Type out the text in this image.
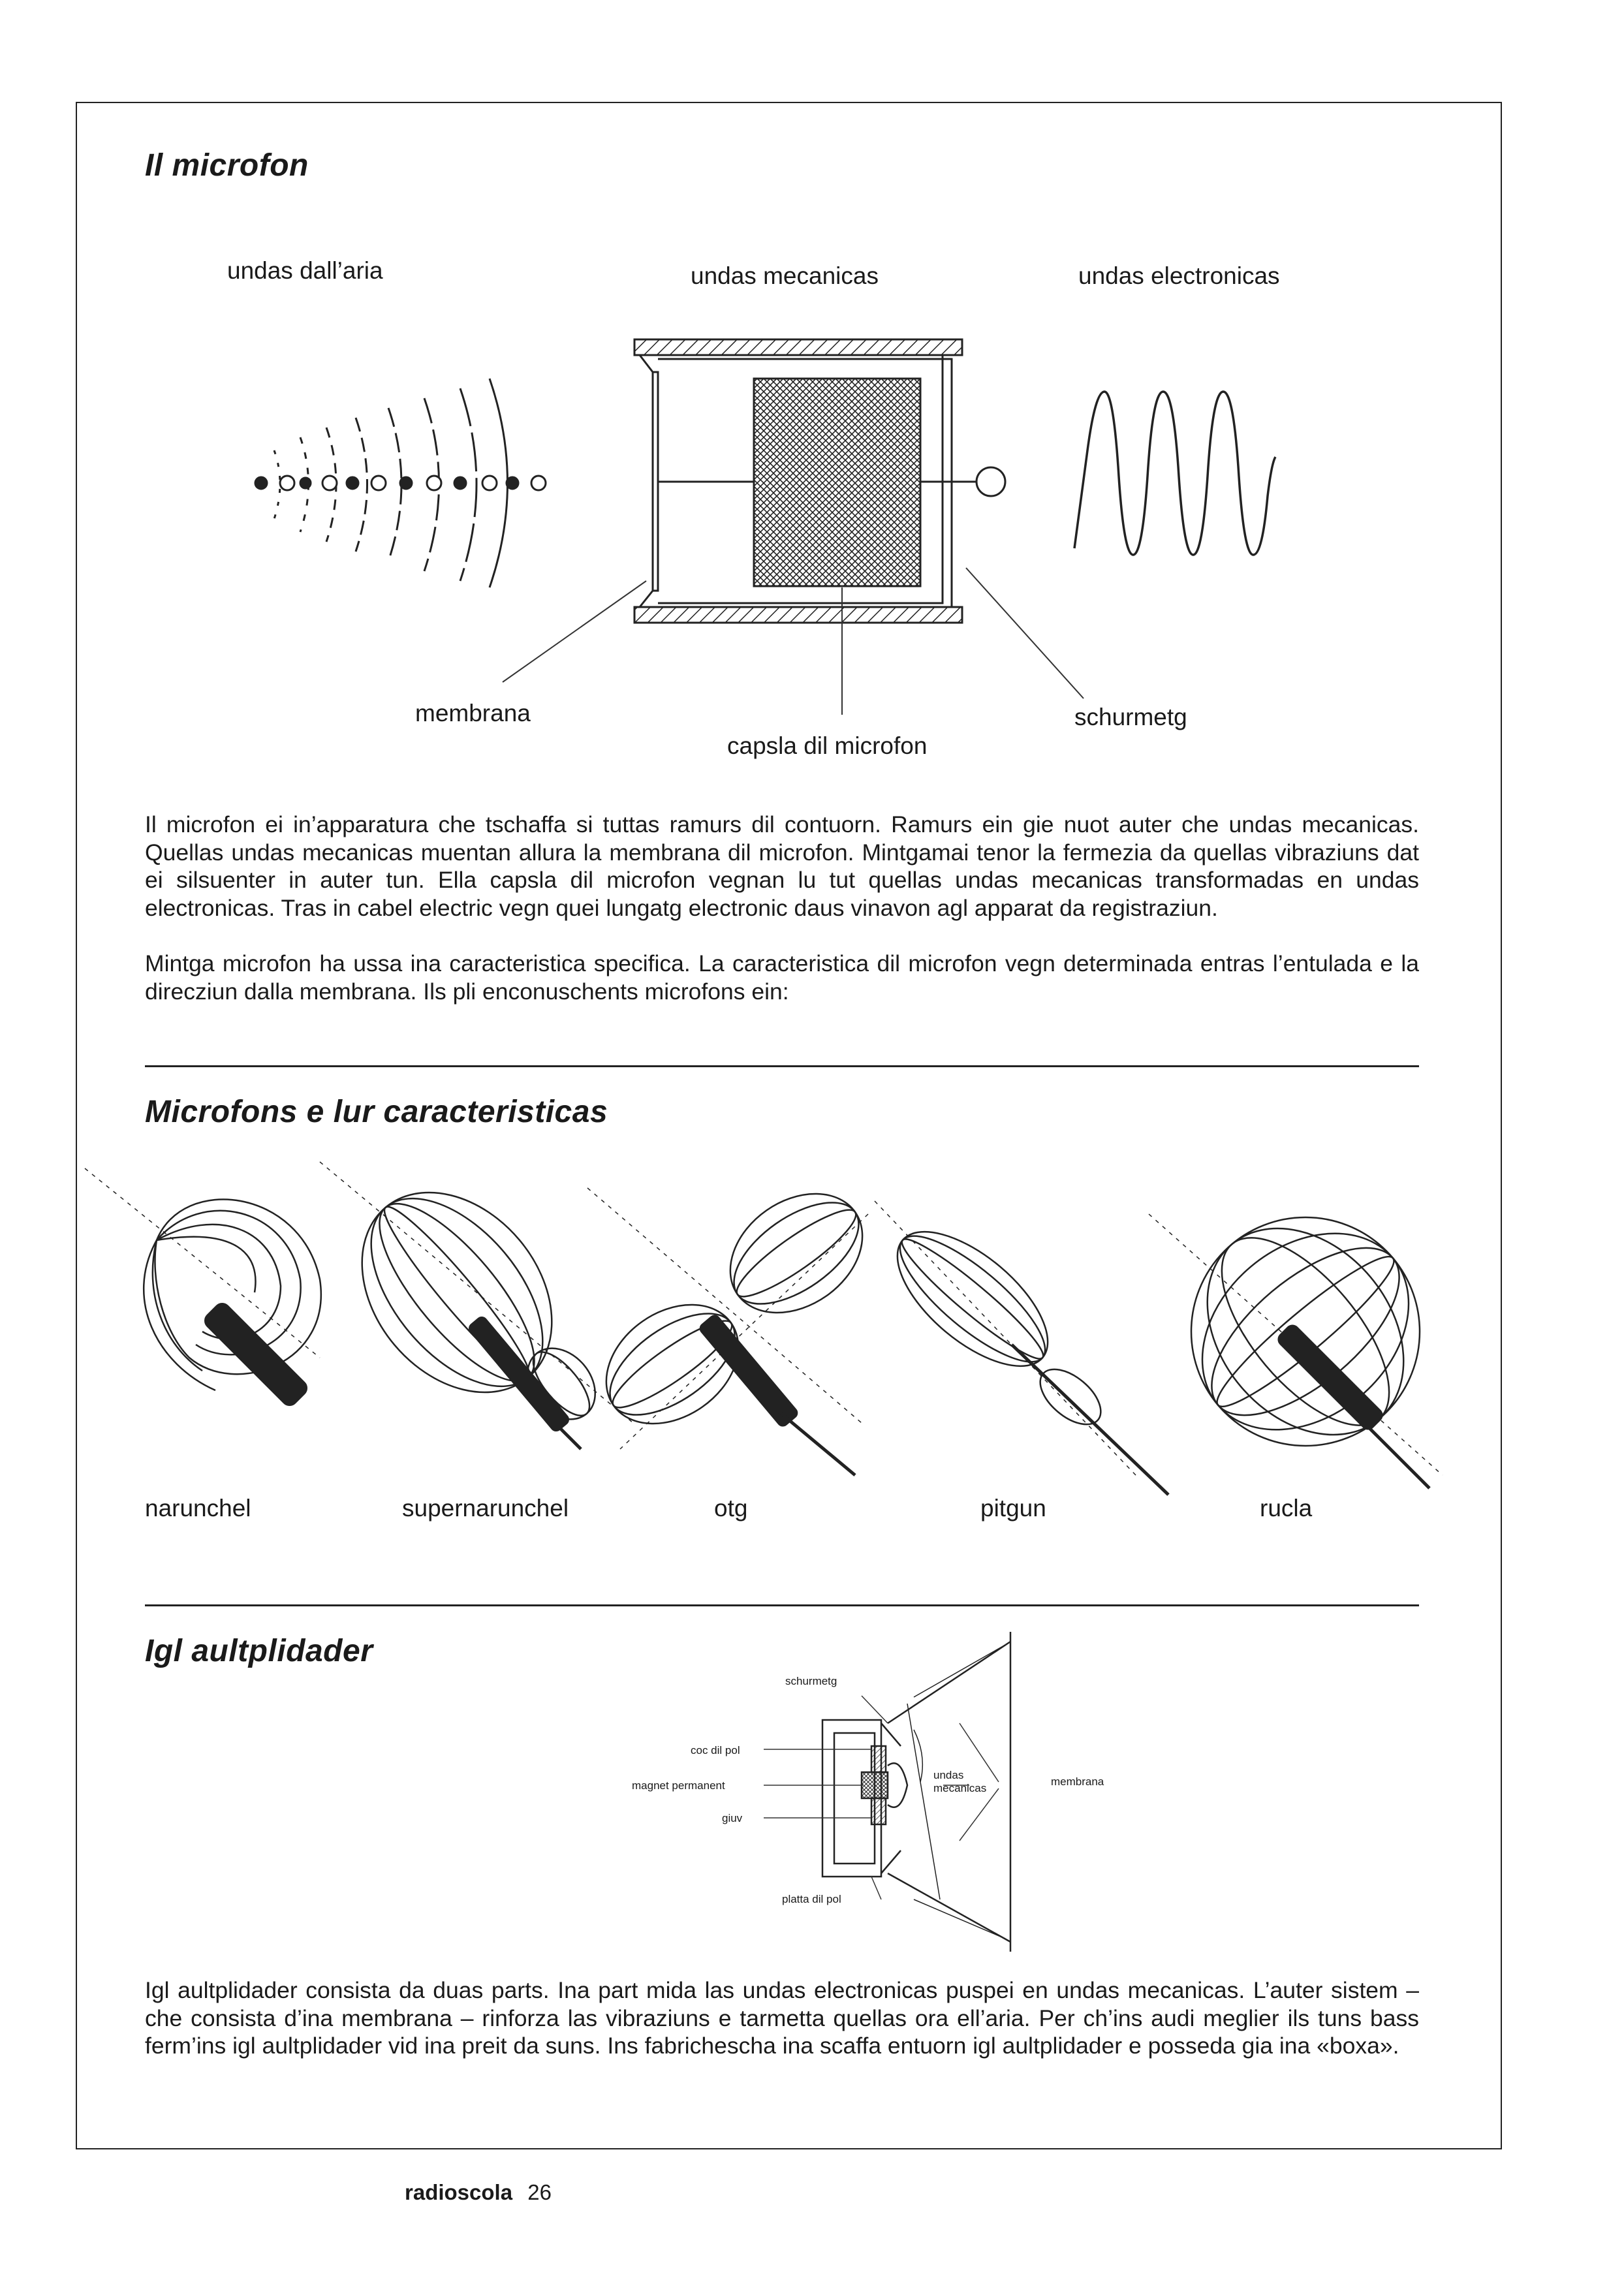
Il microfon
undas dall’aria	undas mecanicas	undas electronicas
membrana
capsla dil microfon
schurmetg

Il microfon ei in’apparatura che tschaffa si tuttas ramurs dil contuorn. Ramurs ein gie nuot auter che undas mecanicas. Quellas undas mecanicas muentan allura la membrana dil microfon. Mintgamai tenor la fermezia da quellas vibraziuns dat ei silsuenter in auter tun. Ella capsla dil microfon vegnan lu tut quellas undas mecanicas transformadas en undas electronicas. Tras in cabel electric vegn quei lungatg electronic daus vinavon agl apparat da registraziun.

Mintga microfon ha ussa ina caracteristica specifica. La caracteristica dil microfon vegn determinada entras l’entulada e la direcziun dalla membrana. Ils pli enconuschents microfons ein:

Microfons e lur caracteristicas
narunchel	supernarunchel	otg	pitgun	rucla
Igl aultplidader
schurmetg
coc dil pol
magnet permanent
giuv
undas
mecanicas
membrana
platta dil pol

Igl aultplidader consista da duas parts. Ina part mida las undas electronicas puspei en undas mecanicas. L’auter sistem – che consista d’ina membrana – rinforza las vibraziuns e tarmetta quellas ora ell’aria. Per ch’ins audi meglier ils tuns bass ferm’ins igl aultplidader vid ina preit da suns. Ins fabrichescha ina scaffa entuorn igl aultplidader e posseda gia ina «boxa».

radioscola 26
